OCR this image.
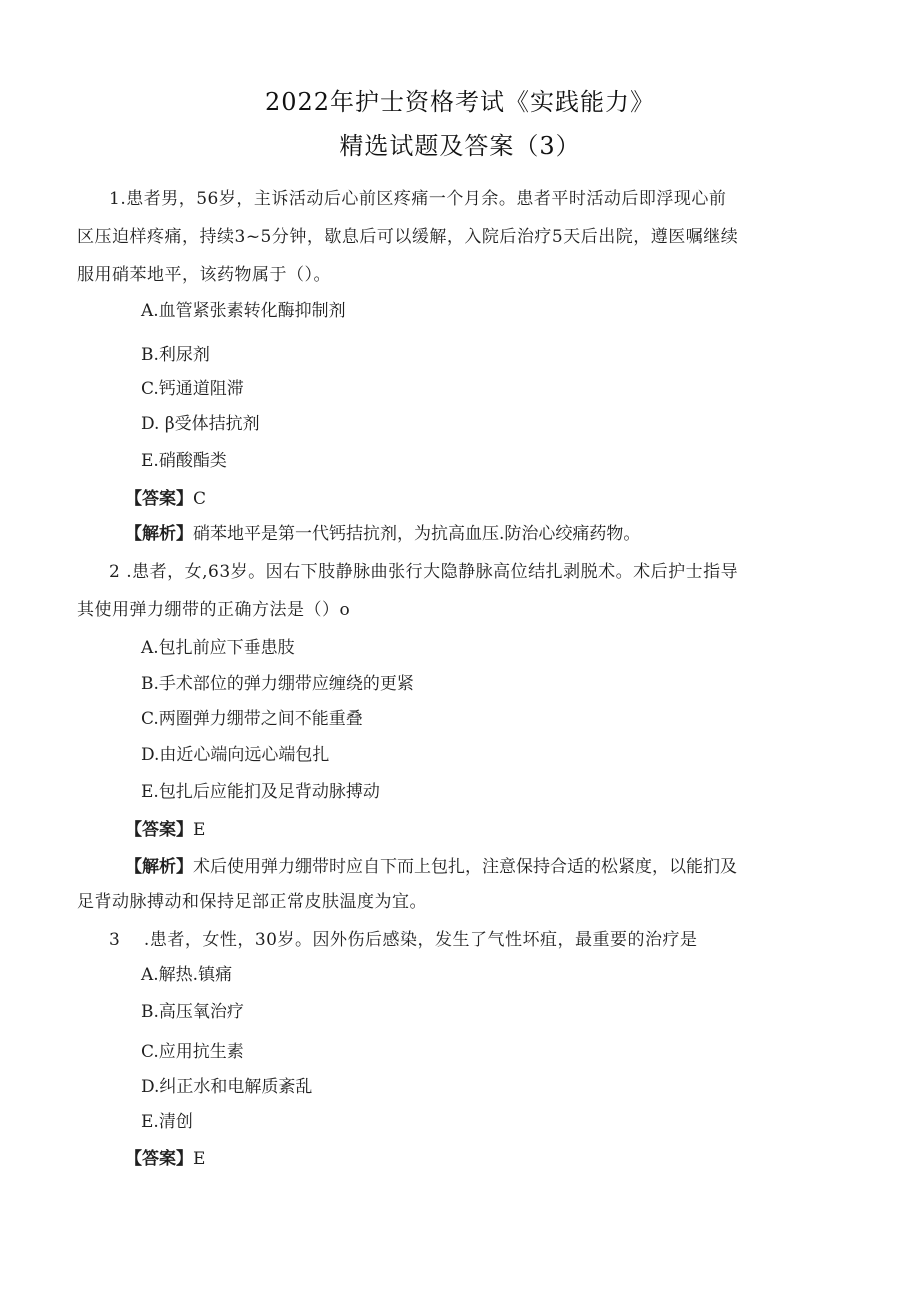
2022年护士资格考试《实践能力》
精选试题及答案（3）
1.患者男，56岁，主诉活动后心前区疼痛一个月余。患者平时活动后即浮现心前
区压迫样疼痛，持续3~5分钟，歇息后可以缓解，入院后治疗5天后出院，遵医嘱继续
服用硝苯地平，该药物属于（）。
A.血管紧张素转化酶抑制剂
B.利尿剂
C.钙通道阻滞
D. β受体拮抗剂
E.硝酸酯类
【答案】C
【解析】硝苯地平是第一代钙拮抗剂，为抗高血压.防治心绞痛药物。
2 .患者，女,63岁。因右下肢静脉曲张行大隐静脉高位结扎剥脱术。术后护士指导
其使用弹力绷带的正确方法是（）o
A.包扎前应下垂患肢
B.手术部位的弹力绷带应缠绕的更紧
C.两圈弹力绷带之间不能重叠
D.由近心端向远心端包扎
E.包扎后应能扪及足背动脉搏动
【答案】E
【解析】术后使用弹力绷带时应自下而上包扎，注意保持合适的松紧度，以能扪及
足背动脉搏动和保持足部正常皮肤温度为宜。
3    .患者，女性，30岁。因外伤后感染，发生了气性坏疽，最重要的治疗是
A.解热.镇痛
B.高压氧治疗
C.应用抗生素
D.纠正水和电解质紊乱
E.清创
【答案】E
